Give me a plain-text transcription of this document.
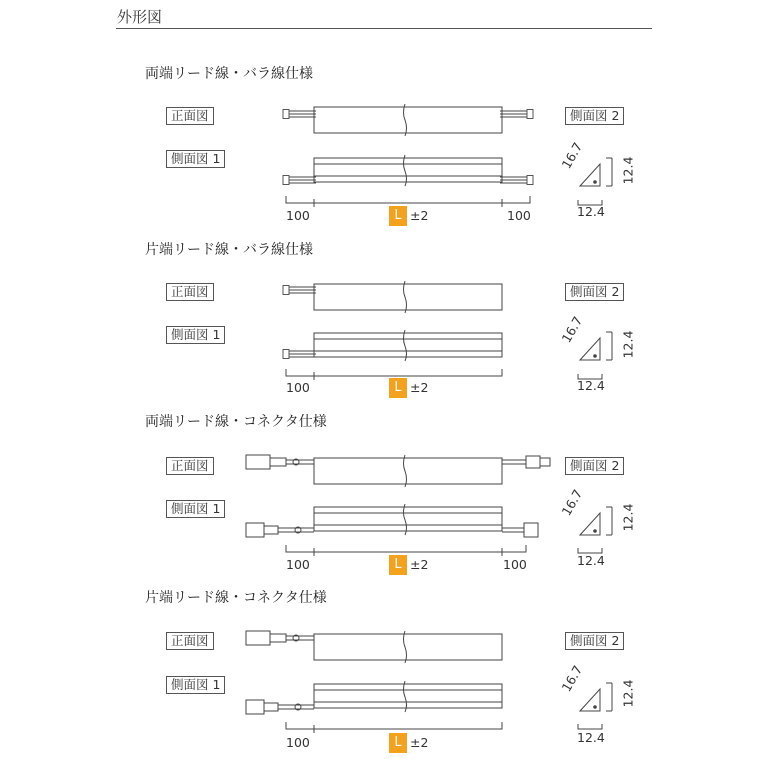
外形図
両端リード線・バラ線仕様
正面図
側面図 1
側面図 2
100	L ±2	100
16.7	12.4
12.4
片端リード線・バラ線仕様
正面図
側面図 1
側面図 2
100	L ±2
16.7	12.4
12.4
両端リード線・コネクタ仕様
正面図
側面図 1
側面図 2
100	L ±2	100
16.7	12.4
12.4
片端リード線・コネクタ仕様
正面図
側面図 1
側面図 2
100	L ±2
16.7	12.4
12.4
